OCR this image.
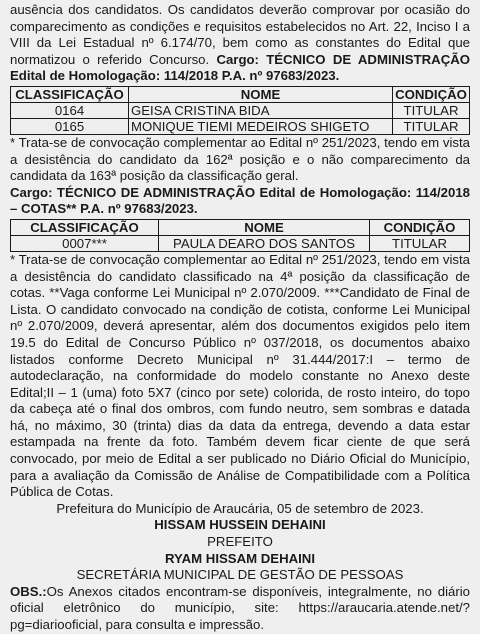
ausência dos candidatos. Os candidatos deverão comprovar por ocasião do comparecimento as condições e requisitos estabelecidos no Art. 22, Inciso I a VIII da Lei Estadual nº 6.174/70, bem como as constantes do Edital que normatizou o referido Concurso. Cargo: TÉCNICO DE ADMINISTRAÇÃO Edital de Homologação: 114/2018 P.A. nº 97683/2023.

CLASSIFICAÇÃO	NOME	CONDIÇÃO
0164	GEISA CRISTINA BIDA	TITULAR
0165	MONIQUE TIEMI MEDEIROS SHIGETO	TITULAR

* Trata-se de convocação complementar ao Edital nº 251/2023, tendo em vista a desistência do candidato da 162ª posição e o não comparecimento da candidata da 163ª posição da classificação geral.

Cargo: TÉCNICO DE ADMINISTRAÇÃO Edital de Homologação: 114/2018 – COTAS** P.A. nº 97683/2023.

CLASSIFICAÇÃO	NOME	CONDIÇÃO
0007***	PAULA DEARO DOS SANTOS	TITULAR

* Trata-se de convocação complementar ao Edital nº 251/2023, tendo em vista a desistência do candidato classificado na 4ª posição da classificação de cotas. **Vaga conforme Lei Municipal nº 2.070/2009. ***Candidato de Final de Lista. O candidato convocado na condição de cotista, conforme Lei Municipal nº 2.070/2009, deverá apresentar, além dos documentos exigidos pelo item 19.5 do Edital de Concurso Público nº 037/2018, os documentos abaixo listados conforme Decreto Municipal nº 31.444/2017:I – termo de autodeclaração, na conformidade do modelo constante no Anexo deste Edital;II – 1 (uma) foto 5X7 (cinco por sete) colorida, de rosto inteiro, do topo da cabeça até o final dos ombros, com fundo neutro, sem sombras e datada há, no máximo, 30 (trinta) dias da data da entrega, devendo a data estar estampada na frente da foto. Também devem ficar ciente de que será convocado, por meio de Edital a ser publicado no Diário Oficial do Município, para a avaliação da Comissão de Análise de Compatibilidade com a Política Pública de Cotas.

Prefeitura do Município de Araucária, 05 de setembro de 2023.

HISSAM HUSSEIN DEHAINI

PREFEITO

RYAM HISSAM DEHAINI

SECRETÁRIA MUNICIPAL DE GESTÃO DE PESSOAS

OBS.:Os Anexos citados encontram-se disponíveis, integralmente, no diário oficial eletrônico do município, site: https://araucaria.atende.net/?pg=diariooficial, para consulta e impressão.
